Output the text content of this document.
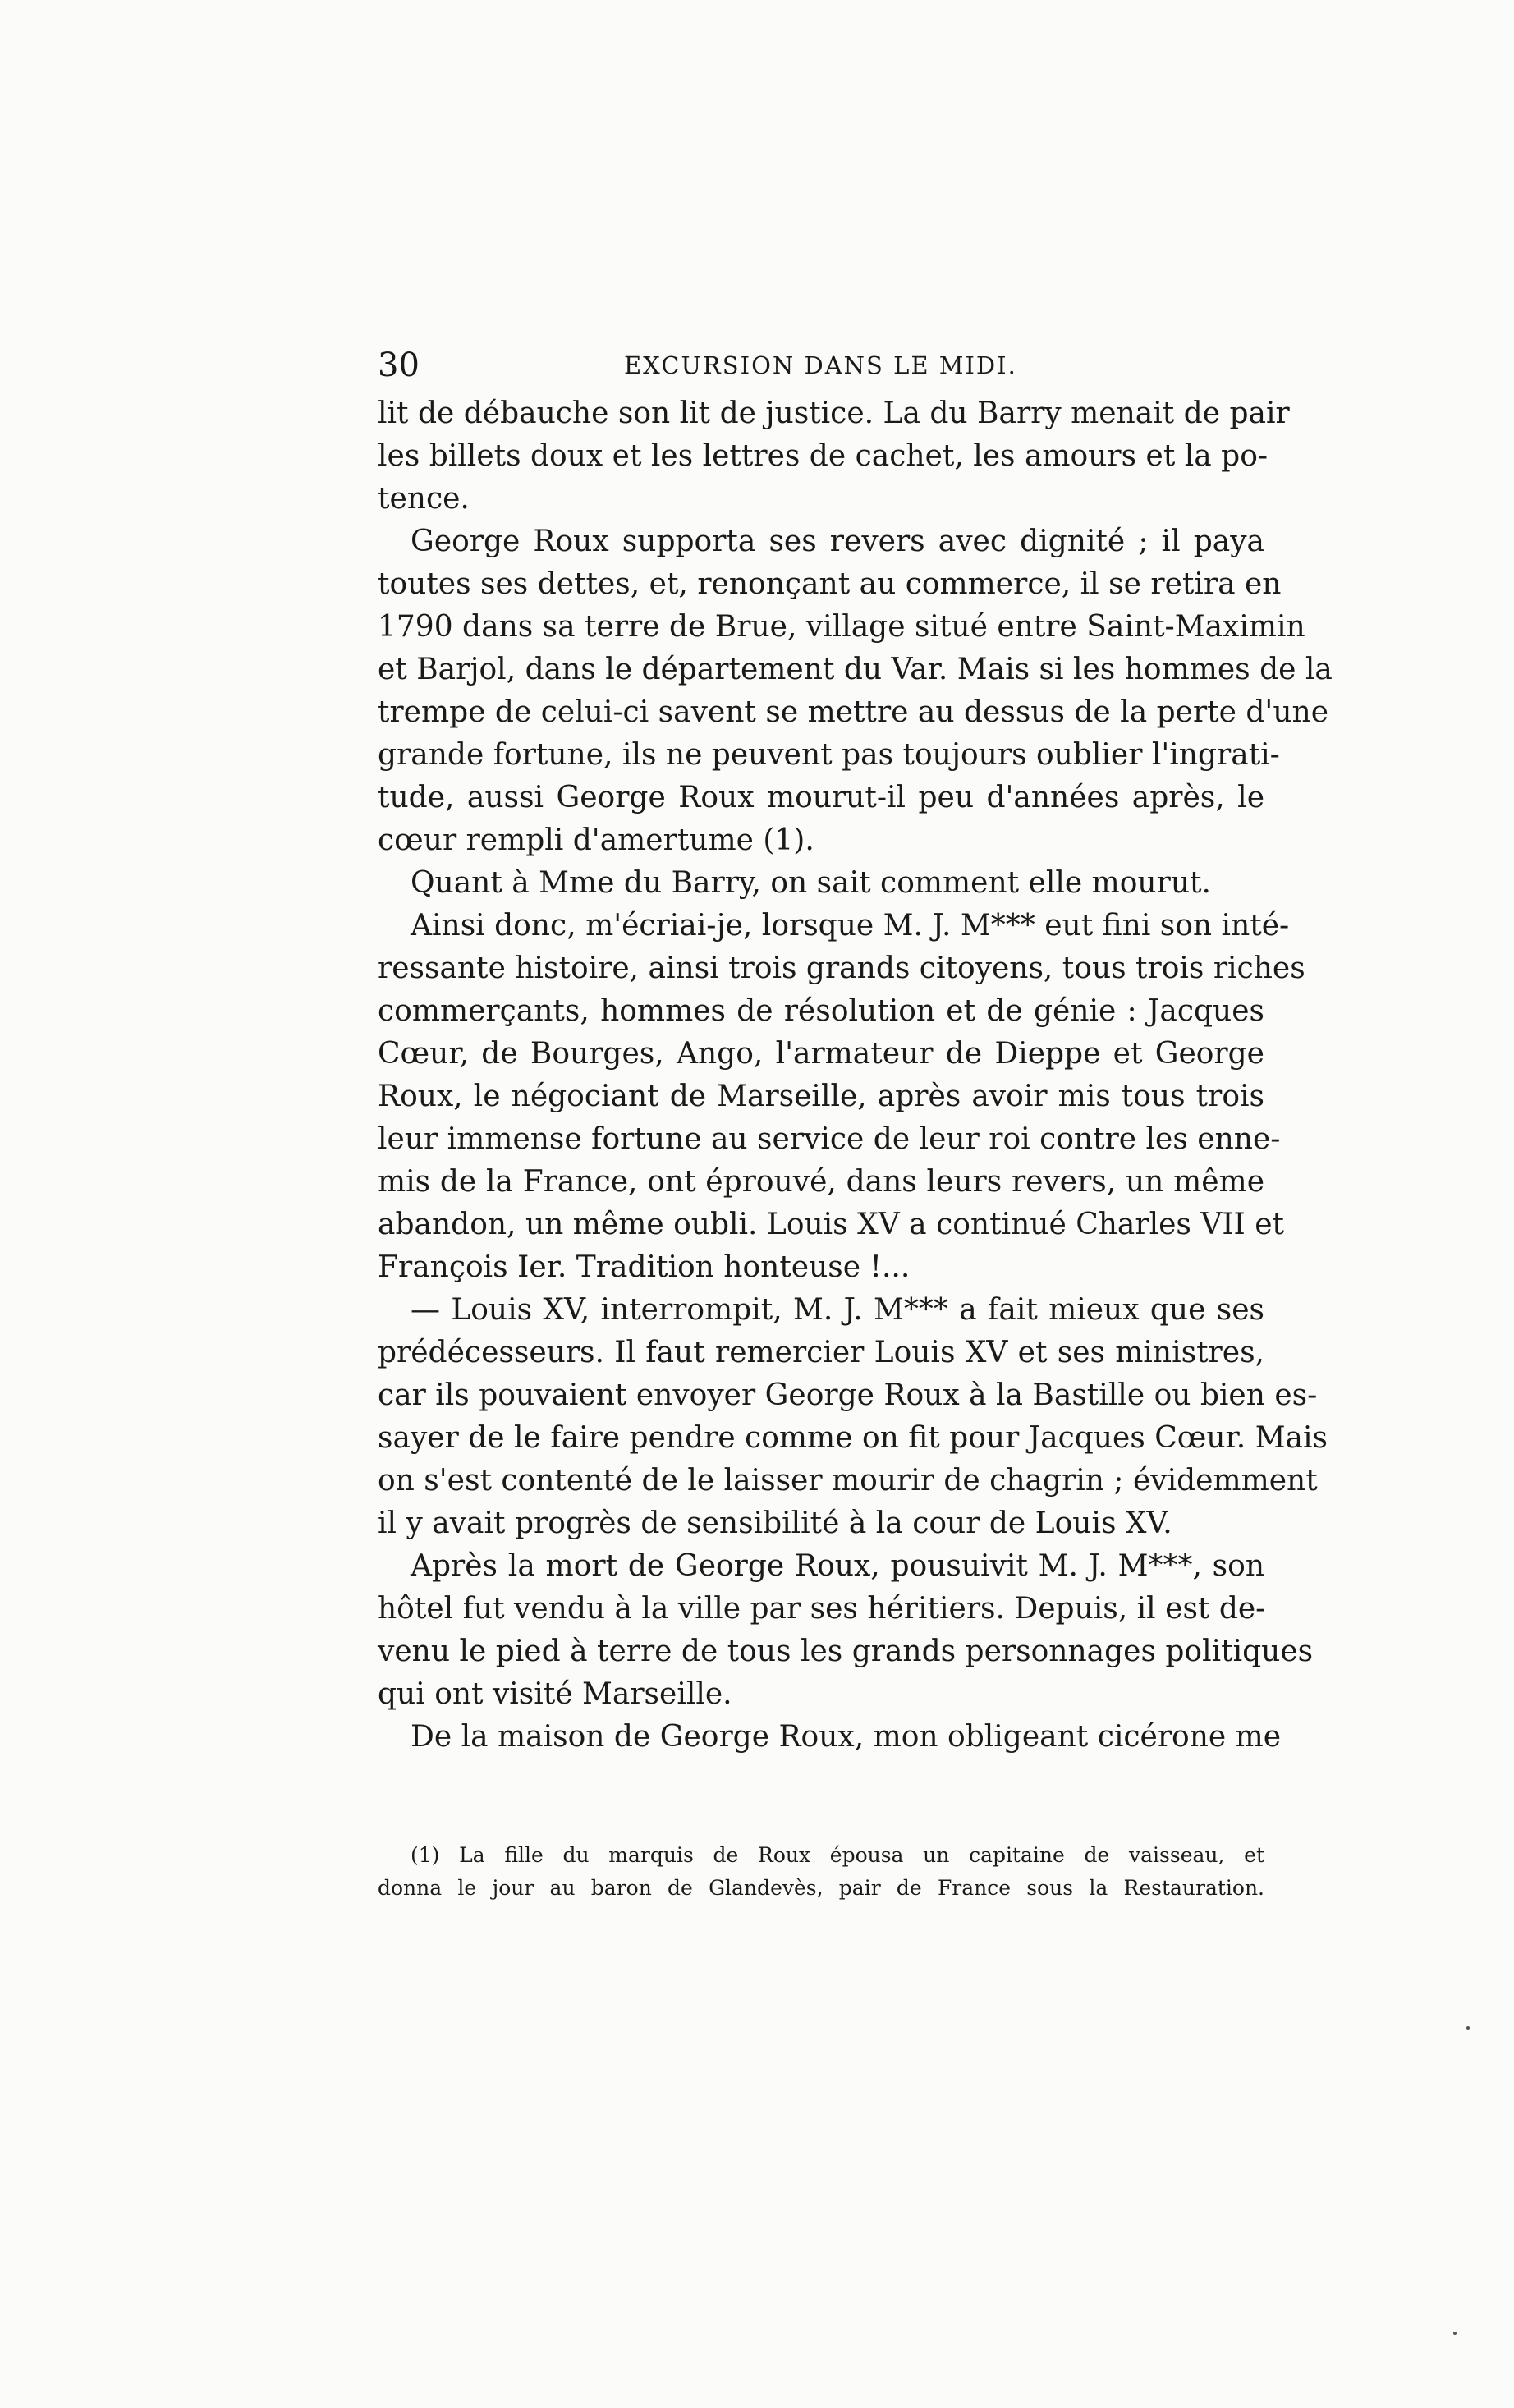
30	EXCURSION DANS LE MIDI.
lit de débauche son lit de justice. La du Barry menait de pair
les billets doux et les lettres de cachet, les amours et la po-
tence.
George Roux supporta ses revers avec dignité ; il paya
toutes ses dettes, et, renonçant au commerce, il se retira en
1790 dans sa terre de Brue, village situé entre Saint-Maximin
et Barjol, dans le département du Var. Mais si les hommes de la
trempe de celui-ci savent se mettre au dessus de la perte d'une
grande fortune, ils ne peuvent pas toujours oublier l'ingrati-
tude, aussi George Roux mourut-il peu d'années après, le
cœur rempli d'amertume (1).
Quant à Mme du Barry, on sait comment elle mourut.
Ainsi donc, m'écriai-je, lorsque M. J. M*** eut fini son inté-
ressante histoire, ainsi trois grands citoyens, tous trois riches
commerçants, hommes de résolution et de génie : Jacques
Cœur, de Bourges, Ango, l'armateur de Dieppe et George
Roux, le négociant de Marseille, après avoir mis tous trois
leur immense fortune au service de leur roi contre les enne-
mis de la France, ont éprouvé, dans leurs revers, un même
abandon, un même oubli. Louis XV a continué Charles VII et
François Ier. Tradition honteuse !...
— Louis XV, interrompit, M. J. M*** a fait mieux que ses
prédécesseurs. Il faut remercier Louis XV et ses ministres,
car ils pouvaient envoyer George Roux à la Bastille ou bien es-
sayer de le faire pendre comme on fit pour Jacques Cœur. Mais
on s'est contenté de le laisser mourir de chagrin ; évidemment
il y avait progrès de sensibilité à la cour de Louis XV.
Après la mort de George Roux, pousuivit M. J. M***, son
hôtel fut vendu à la ville par ses héritiers. Depuis, il est de-
venu le pied à terre de tous les grands personnages politiques
qui ont visité Marseille.
De la maison de George Roux, mon obligeant cicérone me
(1) La fille du marquis de Roux épousa un capitaine de vaisseau, et
donna le jour au baron de Glandevès, pair de France sous la Restauration.
